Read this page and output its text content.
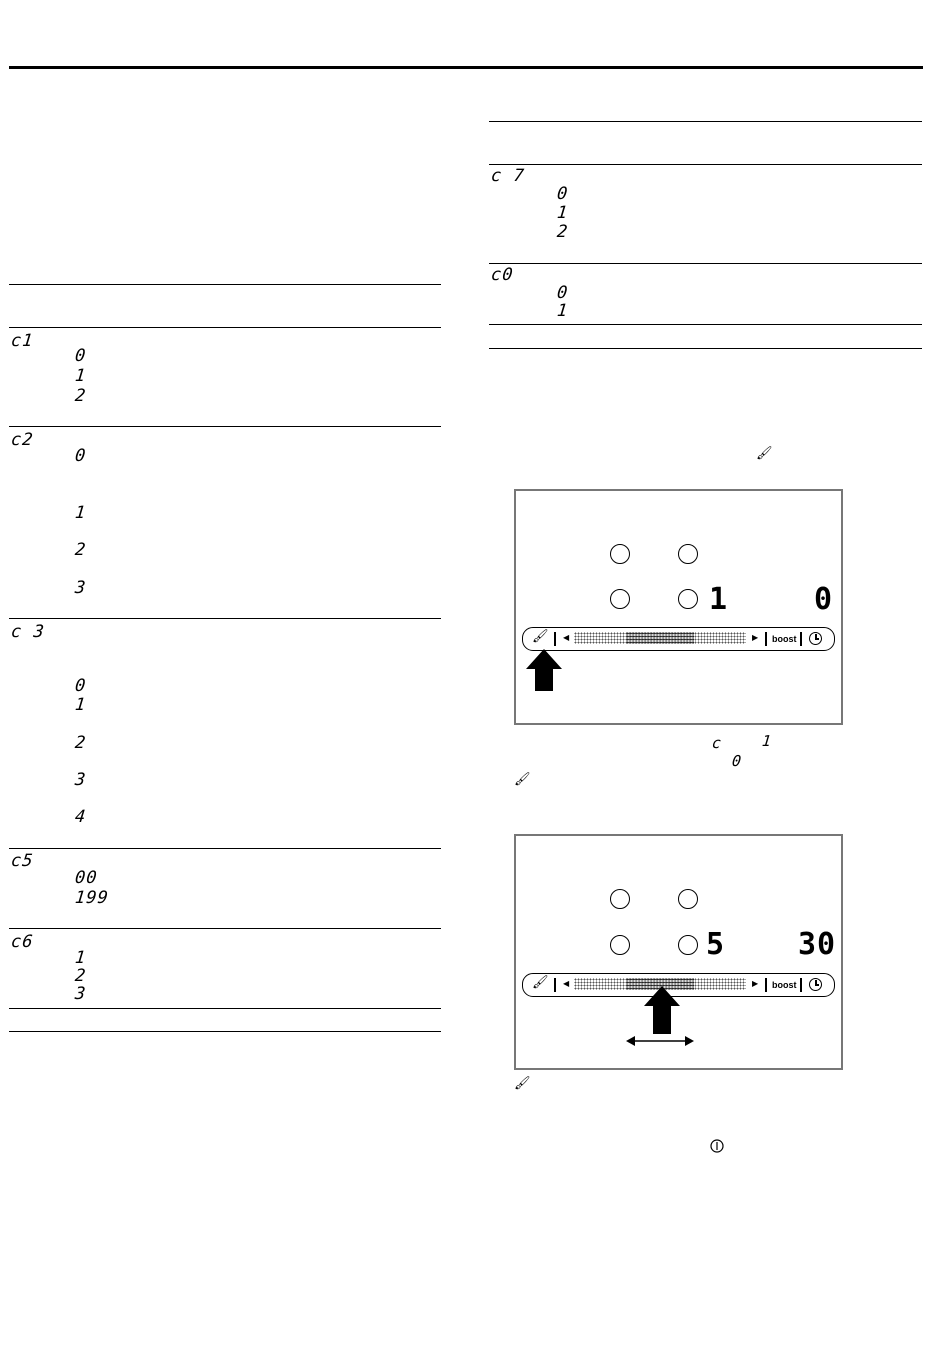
c1
0
1
2
c2
0
1
2
3
c 3
0
1
2
3
4
c5
00
199
c6
1
2
3
c 7
0
1
2
c0
0
1
🖌
1	0
🖌 ◀	▶ boost
c	1
0
🖌
5 30
🖌 ◀	▶ boost
🖌
